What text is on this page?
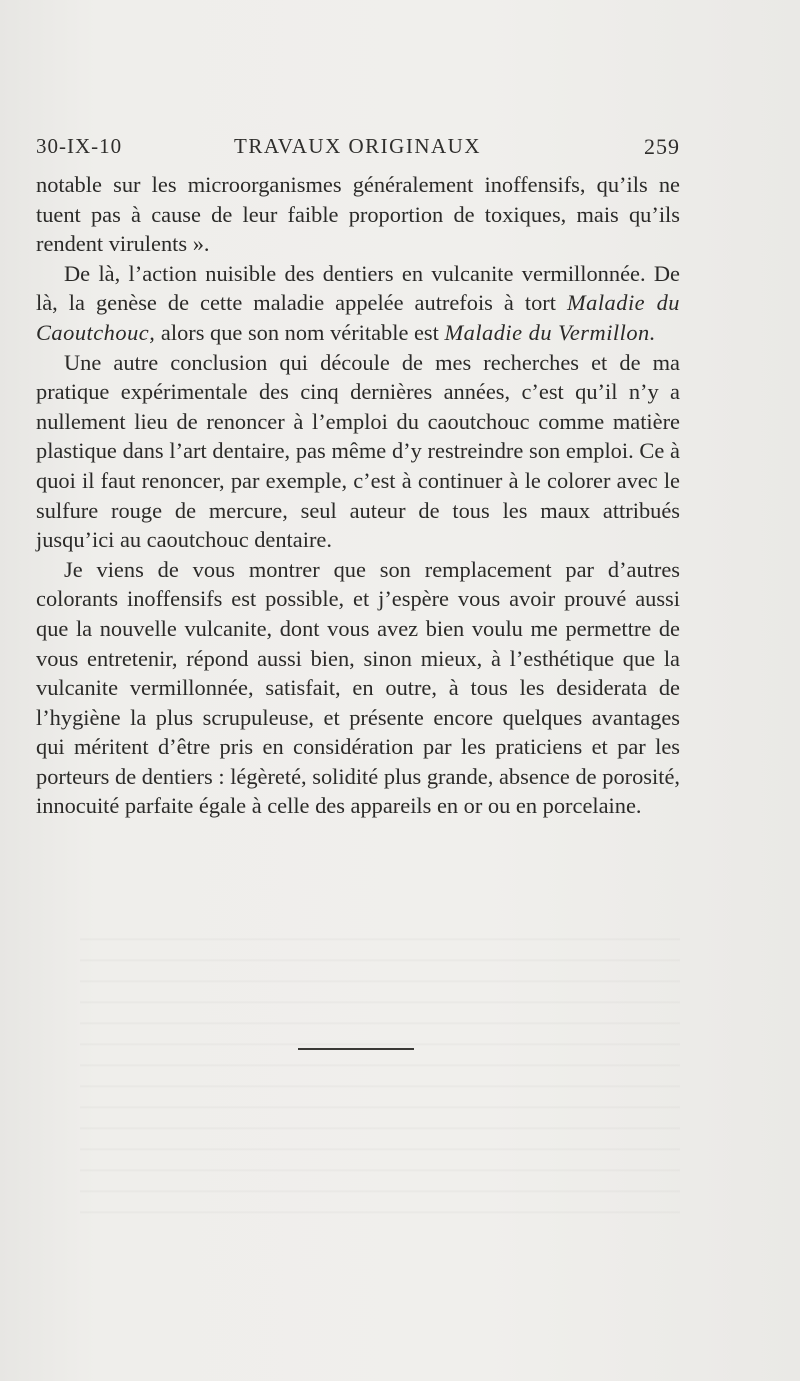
30-IX-10	TRAVAUX ORIGINAUX	259

notable sur les microorganismes généralement inoffensifs, qu’ils ne tuent pas à cause de leur faible proportion de toxiques, mais qu’ils rendent virulents ».

De là, l’action nuisible des dentiers en vulcanite vermillonnée. De là, la genèse de cette maladie appelée autrefois à tort Maladie du Caoutchouc, alors que son nom véritable est Maladie du Vermillon.

Une autre conclusion qui découle de mes recherches et de ma pratique expérimentale des cinq dernières années, c’est qu’il n’y a nullement lieu de renoncer à l’emploi du caoutchouc comme matière plastique dans l’art dentaire, pas même d’y restreindre son emploi. Ce à quoi il faut renoncer, par exemple, c’est à continuer à le colorer avec le sulfure rouge de mercure, seul auteur de tous les maux attribués jusqu’ici au caoutchouc dentaire.

Je viens de vous montrer que son remplacement par d’autres colorants inoffensifs est possible, et j’espère vous avoir prouvé aussi que la nouvelle vulcanite, dont vous avez bien voulu me permettre de vous entretenir, répond aussi bien, sinon mieux, à l’esthétique que la vulcanite vermillonnée, satisfait, en outre, à tous les desiderata de l’hygiène la plus scrupuleuse, et présente encore quelques avantages qui méritent d’être pris en considération par les praticiens et par les porteurs de dentiers : légèreté, solidité plus grande, absence de porosité, innocuité parfaite égale à celle des appareils en or ou en porcelaine.
